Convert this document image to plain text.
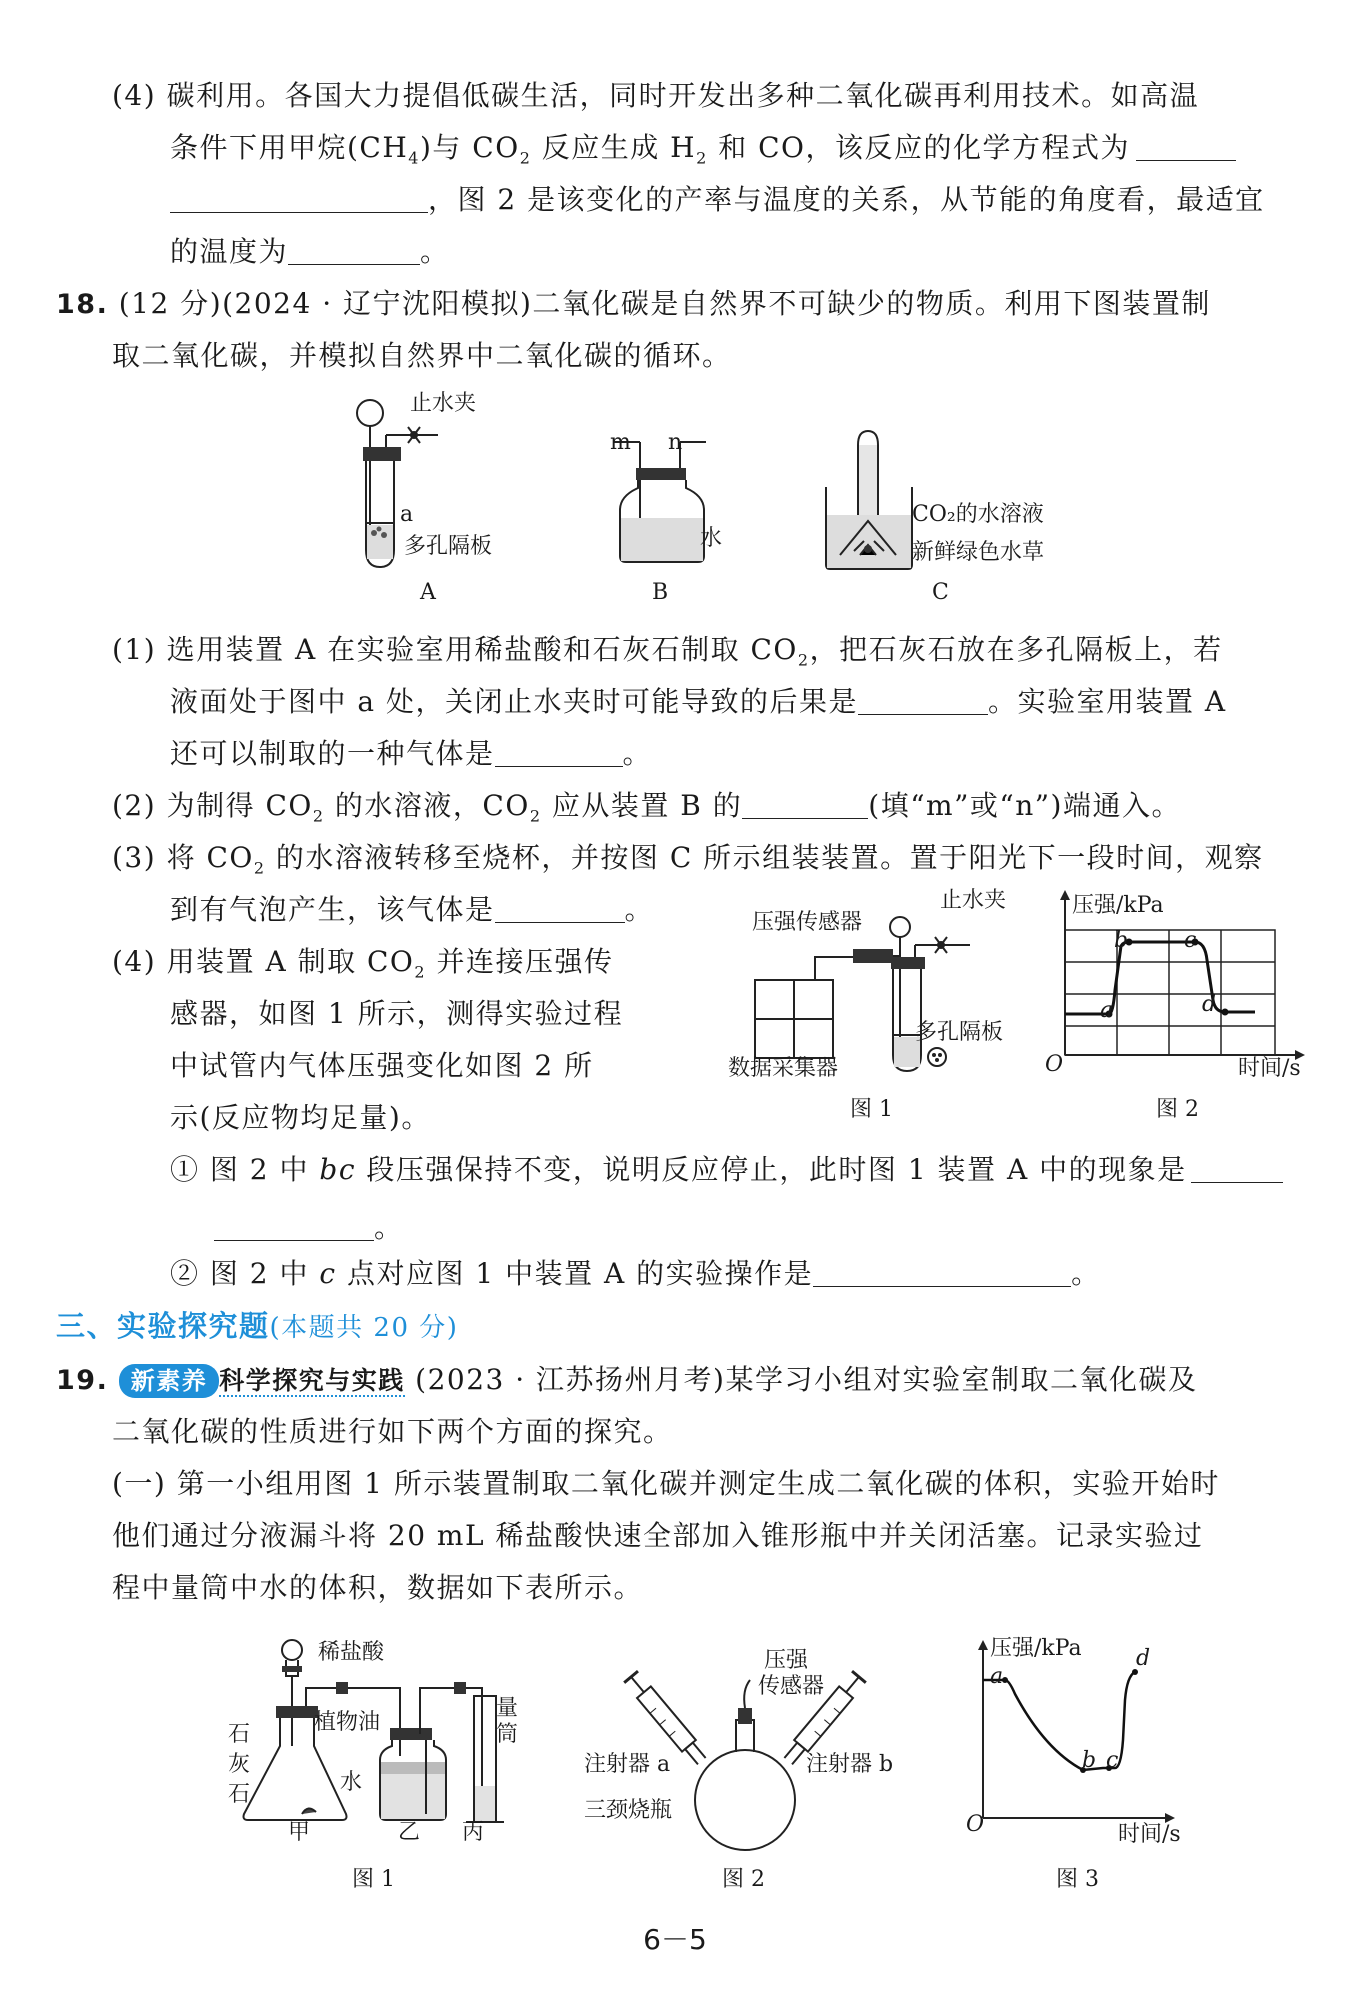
(4) 碳利用。各国大力提倡低碳生活，同时开发出多种二氧化碳再利用技术。如高温

条件下用甲烷$(CH_4)$与 $CO_2$ 反应生成 $H_2$ 和 CO，该反应的化学方程式为

，图 2 是该变化的产率与温度的关系，从节能的角度看，最适宜

的温度为	。

18. (12 分)(2024 · 辽宁沈阳模拟)二氧化碳是自然界不可缺少的物质。利用下图装置制

取二氧化碳，并模拟自然界中二氧化碳的循环。

止水夹
a
多孔隔板
A
m n
水
B
CO₂的水溶液
新鲜绿色水草
C

(1) 选用装置 A 在实验室用稀盐酸和石灰石制取 $CO_2$，把石灰石放在多孔隔板上，若

液面处于图中 a 处，关闭止水夹时可能导致的后果是	。实验室用装置 A

还可以制取的一种气体是	。

(2) 为制得 $CO_2$ 的水溶液，$CO_2$ 应从装置 B 的	(填“m”或“n”)端通入。

(3) 将 $CO_2$ 的水溶液转移至烧杯，并按图 C 所示组装装置。置于阳光下一段时间，观察

到有气泡产生，该气体是	。

(4) 用装置 A 制取 $CO_2$ 并连接压强传

感器，如图 1 所示，测得实验过程

中试管内气体压强变化如图 2 所

示(反应物均足量)。

压强传感器
止水夹
多孔隔板
数据采集器
图 1
压强/kPa
时间/s
O
a
b	c
d
图 2

① 图 2 中 bc 段压强保持不变，说明反应停止，此时图 1 装置 A 中的现象是

。

② 图 2 中 c 点对应图 1 中装置 A 的实验操作是	。

三、实验探究题(本题共 20 分)

19. 新素养 科学探究与实践 (2023 · 江苏扬州月考)某学习小组对实验室制取二氧化碳及

二氧化碳的性质进行如下两个方面的探究。

(一) 第一小组用图 1 所示装置制取二氧化碳并测定生成二氧化碳的体积，实验开始时

他们通过分液漏斗将 20 mL 稀盐酸快速全部加入锥形瓶中并关闭活塞。记录实验过

程中量筒中水的体积，数据如下表所示。

稀盐酸
石灰石
植物油
水
量筒
甲	乙 丙
图 1
压强
传感器
注射器 a	注射器 b
三颈烧瓶
图 2
压强/kPa
时间/s
O
a
b c
d
图 3
6－5
